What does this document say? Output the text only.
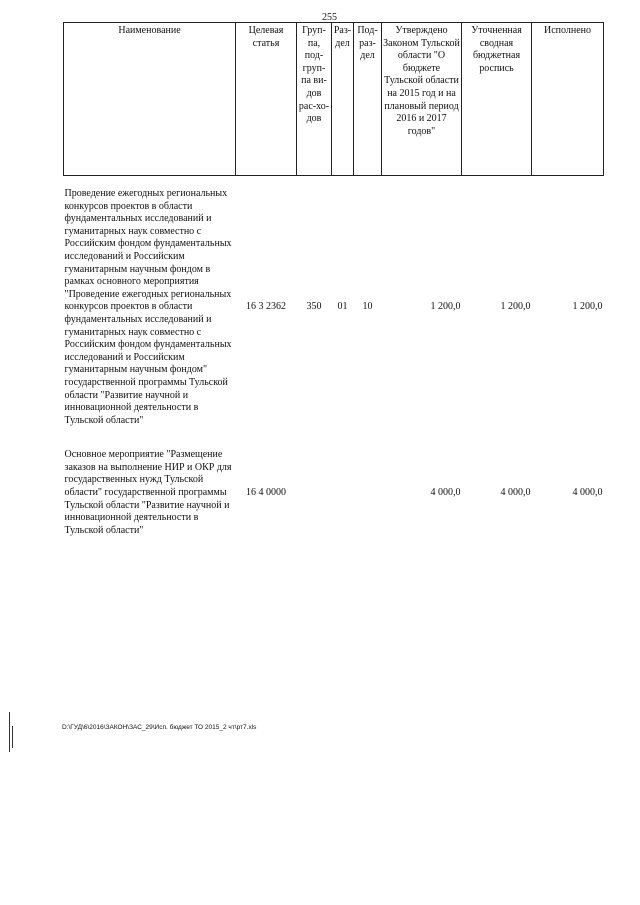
255
Наименование	Целевая статья	Груп-па, под-груп-па ви-дов рас-хо-дов	Раз-дел	Под-раз-дел	Утверждено Законом Тульской области "О бюджете Тульской области на 2015 год и на плановый период 2016 и 2017 годов"	Уточненная сводная бюджетная роспись	Исполнено

Проведение ежегодных региональных конкурсов проектов в области фундаментальных исследований и гуманитарных наук совместно с Российским фондом фундаментальных исследований и Российским гуманитарным научным фондом в рамках основного мероприятия "Проведение ежегодных региональных конкурсов проектов в области фундаментальных исследований и гуманитарных наук совместно с Российским фондом фундаментальных исследований и Российским гуманитарным научным фондом" государственной программы Тульской области "Развитие научной и инновационной деятельности в Тульской области"	16 3 2362	350	01	10	1 200,0	1 200,0	1 200,0

Основное мероприятие "Размещение заказов на выполнение НИР и ОКР для государственных нужд Тульской области" государственной программы Тульской области "Развитие научной и инновационной деятельности в Тульской области"	16 4 0000				4 000,0	4 000,0	4 000,0
D:\ГУД\6\2016\ЗАКОН\ЗАС_29\Исп. бюджет ТО 2015_2 чт\рт7.xls
